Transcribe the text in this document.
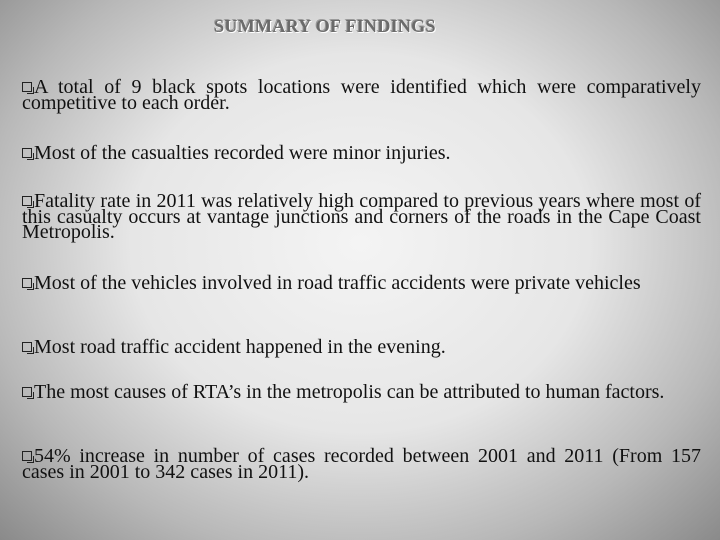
SUMMARY OF FINDINGS
A total of 9 black spots locations were identified which were comparatively competitive to each order.
Most of the casualties recorded were minor injuries.
Fatality rate in 2011 was relatively high compared to previous years where most of this casualty occurs at vantage junctions and corners of the roads in the Cape Coast Metropolis.
Most of the vehicles involved in road traffic accidents were private vehicles
Most road traffic accident happened in the evening.
The most causes of RTA’s in the metropolis can be attributed to human factors.
54% increase in number of cases recorded between 2001 and 2011 (From 157 cases in 2001 to 342 cases in 2011).
